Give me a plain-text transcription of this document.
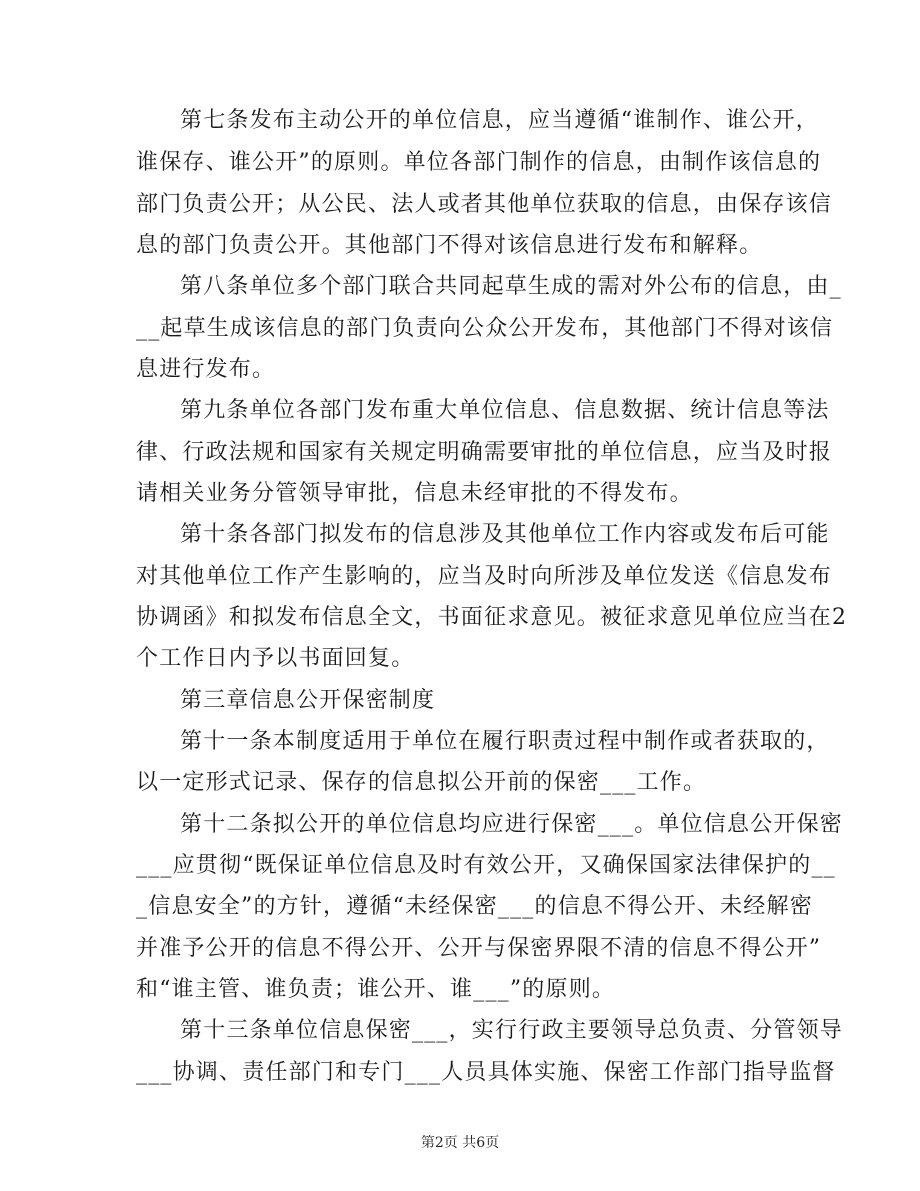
第七条发布主动公开的单位信息，应当遵循“谁制作、谁公开，
谁保存、谁公开”的原则。单位各部门制作的信息，由制作该信息的
部门负责公开；从公民、法人或者其他单位获取的信息，由保存该信
息的部门负责公开。其他部门不得对该信息进行发布和解释。
第八条单位多个部门联合共同起草生成的需对外公布的信息，由_
__起草生成该信息的部门负责向公众公开发布，其他部门不得对该信
息进行发布。
第九条单位各部门发布重大单位信息、信息数据、统计信息等法
律、行政法规和国家有关规定明确需要审批的单位信息，应当及时报
请相关业务分管领导审批，信息未经审批的不得发布。
第十条各部门拟发布的信息涉及其他单位工作内容或发布后可能
对其他单位工作产生影响的，应当及时向所涉及单位发送《信息发布
协调函》和拟发布信息全文，书面征求意见。被征求意见单位应当在2
个工作日内予以书面回复。
第三章信息公开保密制度
第十一条本制度适用于单位在履行职责过程中制作或者获取的，
以一定形式记录、保存的信息拟公开前的保密___工作。
第十二条拟公开的单位信息均应进行保密___。单位信息公开保密
___应贯彻“既保证单位信息及时有效公开，又确保国家法律保护的__
_信息安全”的方针，遵循“未经保密___的信息不得公开、未经解密
并准予公开的信息不得公开、公开与保密界限不清的信息不得公开”
和“谁主管、谁负责；谁公开、谁___”的原则。
第十三条单位信息保密___，实行行政主要领导总负责、分管领导
___协调、责任部门和专门___人员具体实施、保密工作部门指导监督
第2页 共6页
